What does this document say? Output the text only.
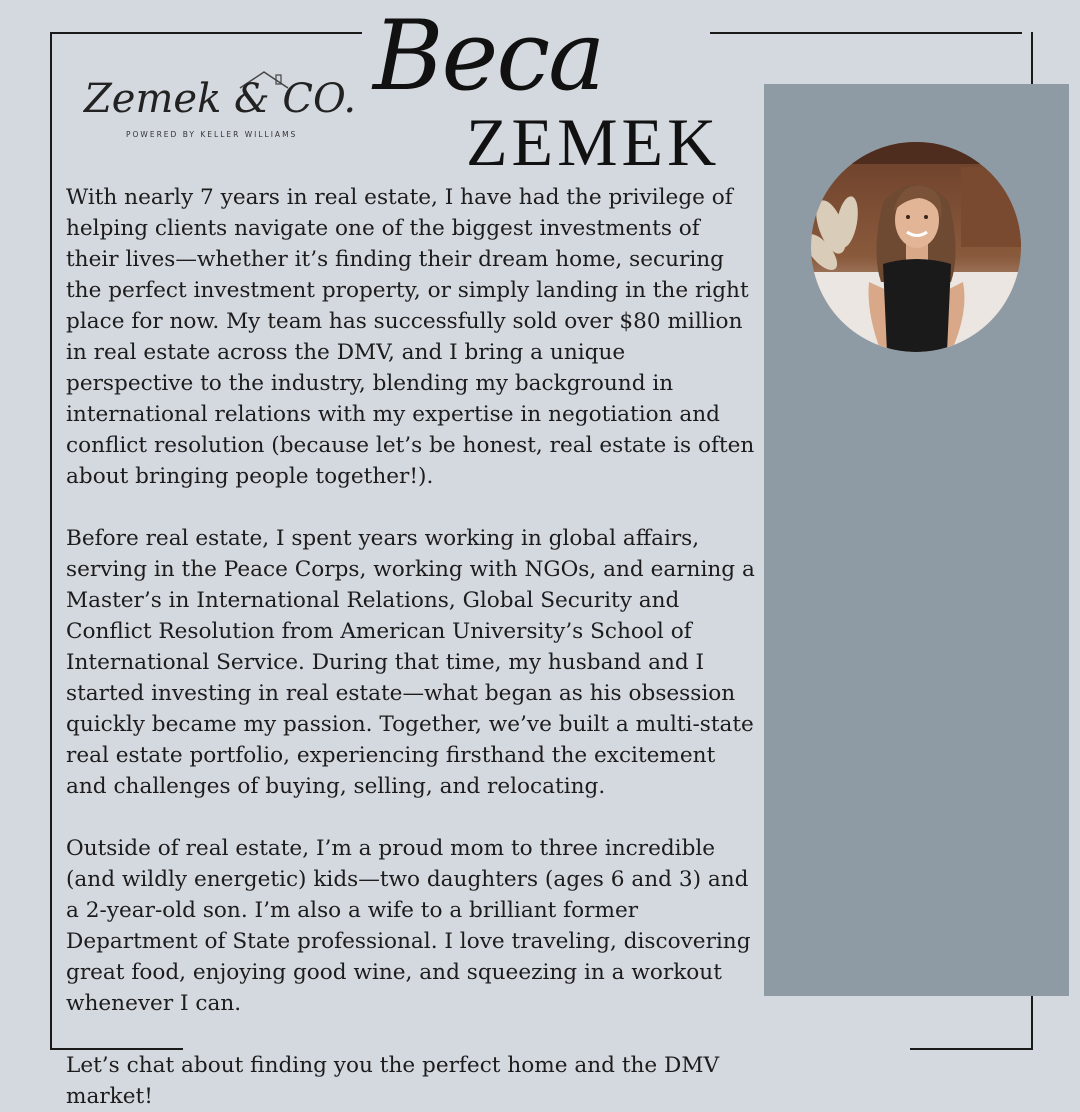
Zemek & CO.
POWERED BY KELLER WILLIAMS
Beca
ZEMEK

With nearly 7 years in real estate, I have had the privilege of helping clients navigate one of the biggest investments of their lives—whether it’s finding their dream home, securing the perfect investment property, or simply landing in the right place for now. My team has successfully sold over $80 million in real estate across the DMV, and I bring a unique perspective to the industry, blending my background in international relations with my expertise in negotiation and conflict resolution (because let’s be honest, real estate is often about bringing people together!).

Before real estate, I spent years working in global affairs, serving in the Peace Corps, working with NGOs, and earning a Master’s in International Relations, Global Security and Conflict Resolution from American University’s School of International Service. During that time, my husband and I started investing in real estate—what began as his obsession quickly became my passion. Together, we’ve built a multi-state real estate portfolio, experiencing firsthand the excitement and challenges of buying, selling, and relocating.

Outside of real estate, I’m a proud mom to three incredible (and wildly energetic) kids—two daughters (ages 6 and 3) and a 2-year-old son. I’m also a wife to a brilliant former Department of State professional. I love traveling, discovering great food, enjoying good wine, and squeezing in a workout whenever I can.

Let’s chat about finding you the perfect home and the DMV market!
